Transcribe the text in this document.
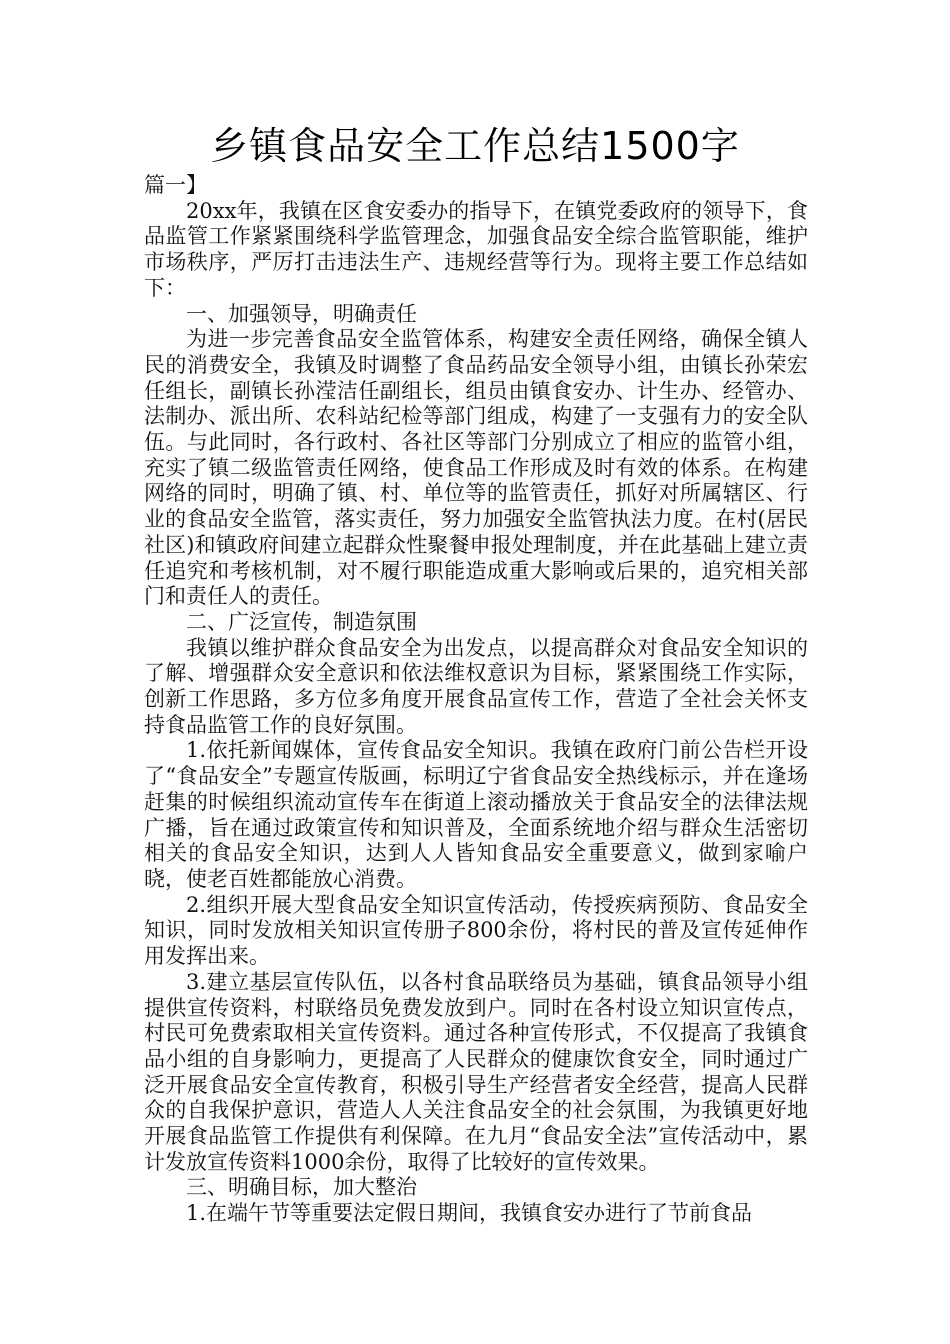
乡镇食品安全工作总结1500字

篇一】

20xx年，我镇在区食安委办的指导下，在镇党委政府的领导下，食品监管工作紧紧围绕科学监管理念，加强食品安全综合监管职能，维护市场秩序，严厉打击违法生产、违规经营等行为。现将主要工作总结如下：

一、加强领导，明确责任

为进一步完善食品安全监管体系，构建安全责任网络，确保全镇人民的消费安全，我镇及时调整了食品药品安全领导小组，由镇长孙荣宏任组长，副镇长孙滢洁任副组长，组员由镇食安办、计生办、经管办、法制办、派出所、农科站纪检等部门组成，构建了一支强有力的安全队伍。与此同时，各行政村、各社区等部门分别成立了相应的监管小组，充实了镇二级监管责任网络，使食品工作形成及时有效的体系。在构建网络的同时，明确了镇、村、单位等的监管责任，抓好对所属辖区、行业的食品安全监管，落实责任，努力加强安全监管执法力度。在村(居民社区)和镇政府间建立起群众性聚餐申报处理制度，并在此基础上建立责任追究和考核机制，对不履行职能造成重大影响或后果的，追究相关部门和责任人的责任。

二、广泛宣传，制造氛围

我镇以维护群众食品安全为出发点，以提高群众对食品安全知识的了解、增强群众安全意识和依法维权意识为目标，紧紧围绕工作实际，创新工作思路，多方位多角度开展食品宣传工作，营造了全社会关怀支持食品监管工作的良好氛围。

1.依托新闻媒体，宣传食品安全知识。我镇在政府门前公告栏开设了“食品安全”专题宣传版画，标明辽宁省食品安全热线标示，并在逢场赶集的时候组织流动宣传车在街道上滚动播放关于食品安全的法律法规广播，旨在通过政策宣传和知识普及，全面系统地介绍与群众生活密切相关的食品安全知识，达到人人皆知食品安全重要意义，做到家喻户晓，使老百姓都能放心消费。

2.组织开展大型食品安全知识宣传活动，传授疾病预防、食品安全知识，同时发放相关知识宣传册子800余份，将村民的普及宣传延伸作用发挥出来。

3.建立基层宣传队伍，以各村食品联络员为基础，镇食品领导小组提供宣传资料，村联络员免费发放到户。同时在各村设立知识宣传点，村民可免费索取相关宣传资料。通过各种宣传形式，不仅提高了我镇食品小组的自身影响力，更提高了人民群众的健康饮食安全，同时通过广泛开展食品安全宣传教育，积极引导生产经营者安全经营，提高人民群众的自我保护意识，营造人人关注食品安全的社会氛围，为我镇更好地开展食品监管工作提供有利保障。在九月“食品安全法”宣传活动中，累计发放宣传资料1000余份，取得了比较好的宣传效果。

三、明确目标，加大整治

1.在端午节等重要法定假日期间，我镇食安办进行了节前食品
